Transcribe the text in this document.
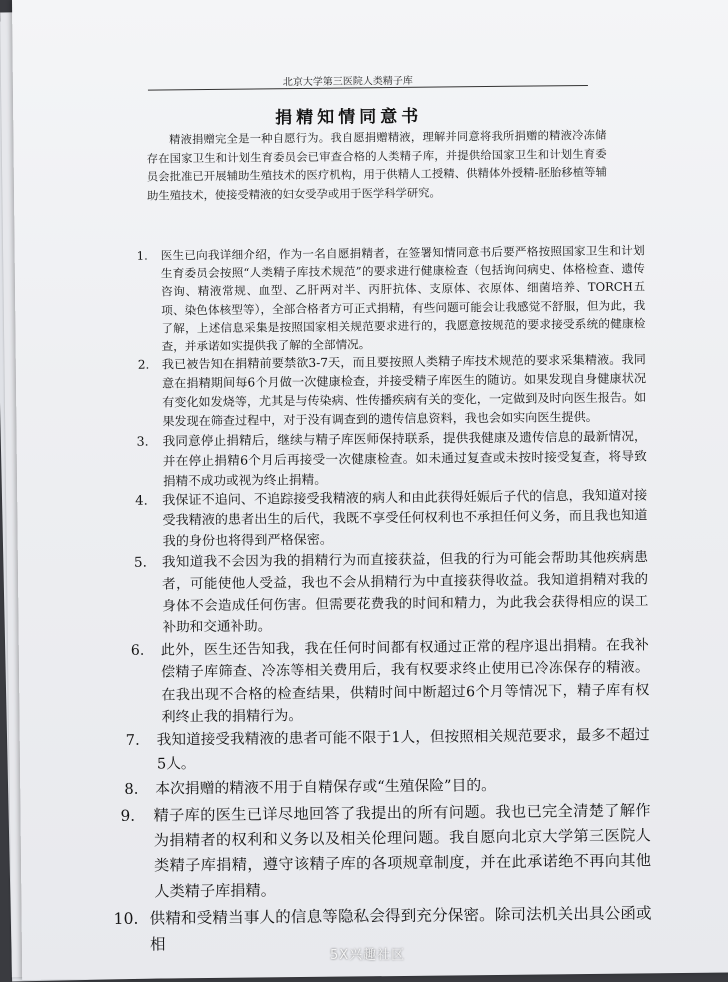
北京大学第三医院人类精子库
捐精知情同意书
精液捐赠完全是一种自愿行为。我自愿捐赠精液，理解并同意将我所捐赠的精液冷冻储存在国家卫生和计划生育委员会已审查合格的人类精子库，并提供给国家卫生和计划生育委员会批准已开展辅助生殖技术的医疗机构，用于供精人工授精、供精体外授精-胚胎移植等辅助生殖技术，使接受精液的妇女受孕或用于医学科学研究。
1. 医生已向我详细介绍，作为一名自愿捐精者，在签署知情同意书后要严格按照国家卫生和计划生育委员会按照“人类精子库技术规范”的要求进行健康检查（包括询问病史、体格检查、遗传咨询、精液常规、血型、乙肝两对半、丙肝抗体、支原体、衣原体、细菌培养、TORCH五项、染色体核型等），全部合格者方可正式捐精，有些问题可能会让我感觉不舒服，但为此，我了解，上述信息采集是按照国家相关规范要求进行的，我愿意按规范的要求接受系统的健康检查，并承诺如实提供我了解的全部情况。
2. 我已被告知在捐精前要禁欲3-7天，而且要按照人类精子库技术规范的要求采集精液。我同意在捐精期间每6个月做一次健康检查，并接受精子库医生的随访。如果发现自身健康状况有变化如发烧等，尤其是与传染病、性传播疾病有关的变化，一定做到及时向医生报告。如果发现在筛查过程中，对于没有调查到的遗传信息资料，我也会如实向医生提供。
3. 我同意停止捐精后，继续与精子库医师保持联系，提供我健康及遗传信息的最新情况，并在停止捐精6个月后再接受一次健康检查。如未通过复查或未按时接受复查，将导致捐精不成功或视为终止捐精。
4. 我保证不追问、不追踪接受我精液的病人和由此获得妊娠后子代的信息，我知道对接受我精液的患者出生的后代，我既不享受任何权利也不承担任何义务，而且我也知道我的身份也将得到严格保密。
5. 我知道我不会因为我的捐精行为而直接获益，但我的行为可能会帮助其他疾病患者，可能使他人受益，我也不会从捐精行为中直接获得收益。我知道捐精对我的身体不会造成任何伤害。但需要花费我的时间和精力，为此我会获得相应的误工补助和交通补助。
6. 此外，医生还告知我，我在任何时间都有权通过正常的程序退出捐精。在我补偿精子库筛查、冷冻等相关费用后，我有权要求终止使用已冷冻保存的精液。在我出现不合格的检查结果，供精时间中断超过6个月等情况下，精子库有权利终止我的捐精行为。
7. 我知道接受我精液的患者可能不限于1人，但按照相关规范要求，最多不超过5人。
8. 本次捐赠的精液不用于自精保存或“生殖保险”目的。
9. 精子库的医生已详尽地回答了我提出的所有问题。我也已完全清楚了解作为捐精者的权利和义务以及相关伦理问题。我自愿向北京大学第三医院人类精子库捐精，遵守该精子库的各项规章制度，并在此承诺绝不再向其他人类精子库捐精。
10. 供精和受精当事人的信息等隐私会得到充分保密。除司法机关出具公函或相
5X兴趣社区
